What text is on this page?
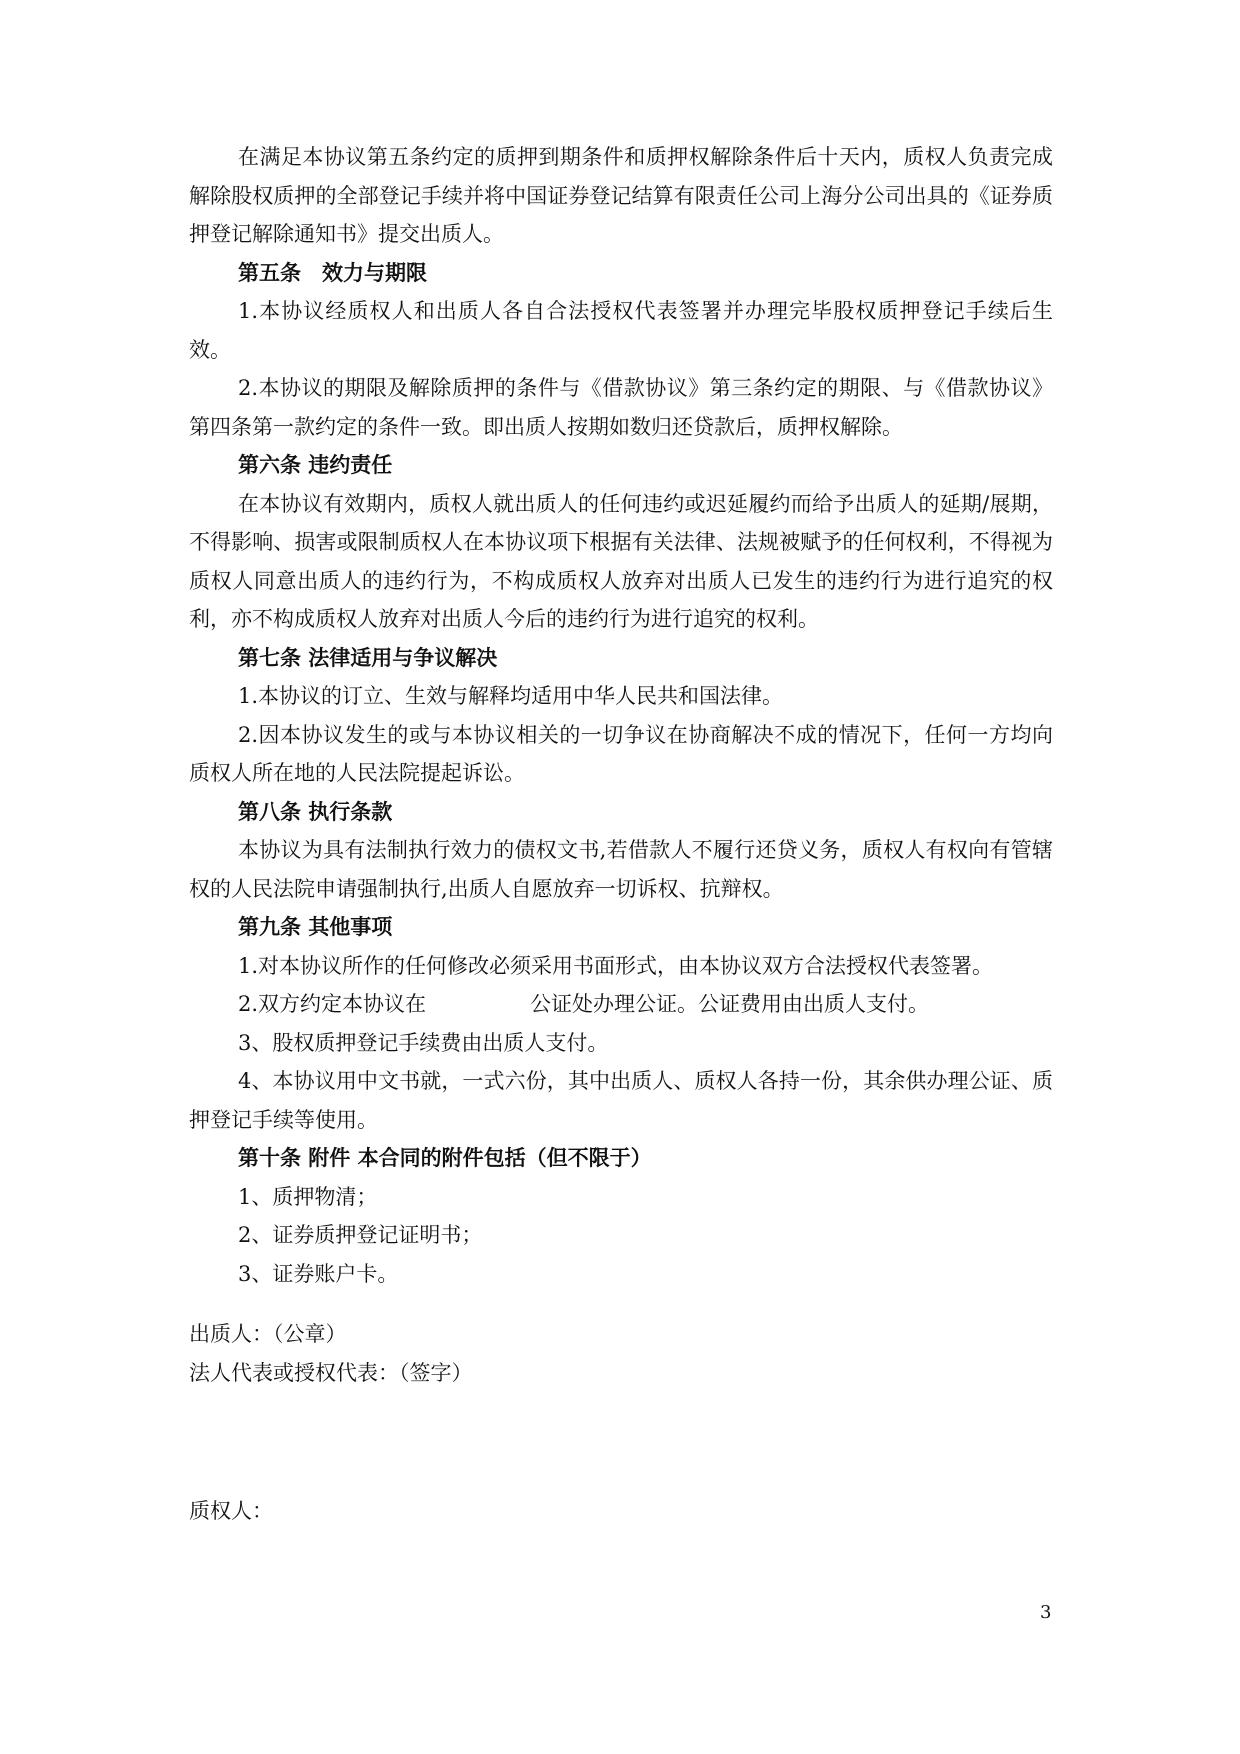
在满足本协议第五条约定的质押到期条件和质押权解除条件后十天内，质权人负责完成解除股权质押的全部登记手续并将中国证券登记结算有限责任公司上海分公司出具的《证券质押登记解除通知书》提交出质人。

第五条　效力与期限

1.本协议经质权人和出质人各自合法授权代表签署并办理完毕股权质押登记手续后生效。

2.本协议的期限及解除质押的条件与《借款协议》第三条约定的期限、与《借款协议》第四条第一款约定的条件一致。即出质人按期如数归还贷款后，质押权解除。

第六条 违约责任

在本协议有效期内，质权人就出质人的任何违约或迟延履约而给予出质人的延期/展期，不得影响、损害或限制质权人在本协议项下根据有关法律、法规被赋予的任何权利，不得视为质权人同意出质人的违约行为，不构成质权人放弃对出质人已发生的违约行为进行追究的权利，亦不构成质权人放弃对出质人今后的违约行为进行追究的权利。

第七条 法律适用与争议解决

1.本协议的订立、生效与解释均适用中华人民共和国法律。

2.因本协议发生的或与本协议相关的一切争议在协商解决不成的情况下，任何一方均向质权人所在地的人民法院提起诉讼。

第八条 执行条款

本协议为具有法制执行效力的债权文书,若借款人不履行还贷义务，质权人有权向有管辖权的人民法院申请强制执行,出质人自愿放弃一切诉权、抗辩权。

第九条 其他事项

1.对本协议所作的任何修改必须采用书面形式，由本协议双方合法授权代表签署。

2.双方约定本协议在	公证处办理公证。公证费用由出质人支付。

3、股权质押登记手续费由出质人支付。

4、本协议用中文书就，一式六份，其中出质人、质权人各持一份，其余供办理公证、质押登记手续等使用。

第十条 附件 本合同的附件包括（但不限于）

1、质押物清；

2、证券质押登记证明书；

3、证券账户卡。

出质人：（公章）

法人代表或授权代表：（签字）

质权人：

3
